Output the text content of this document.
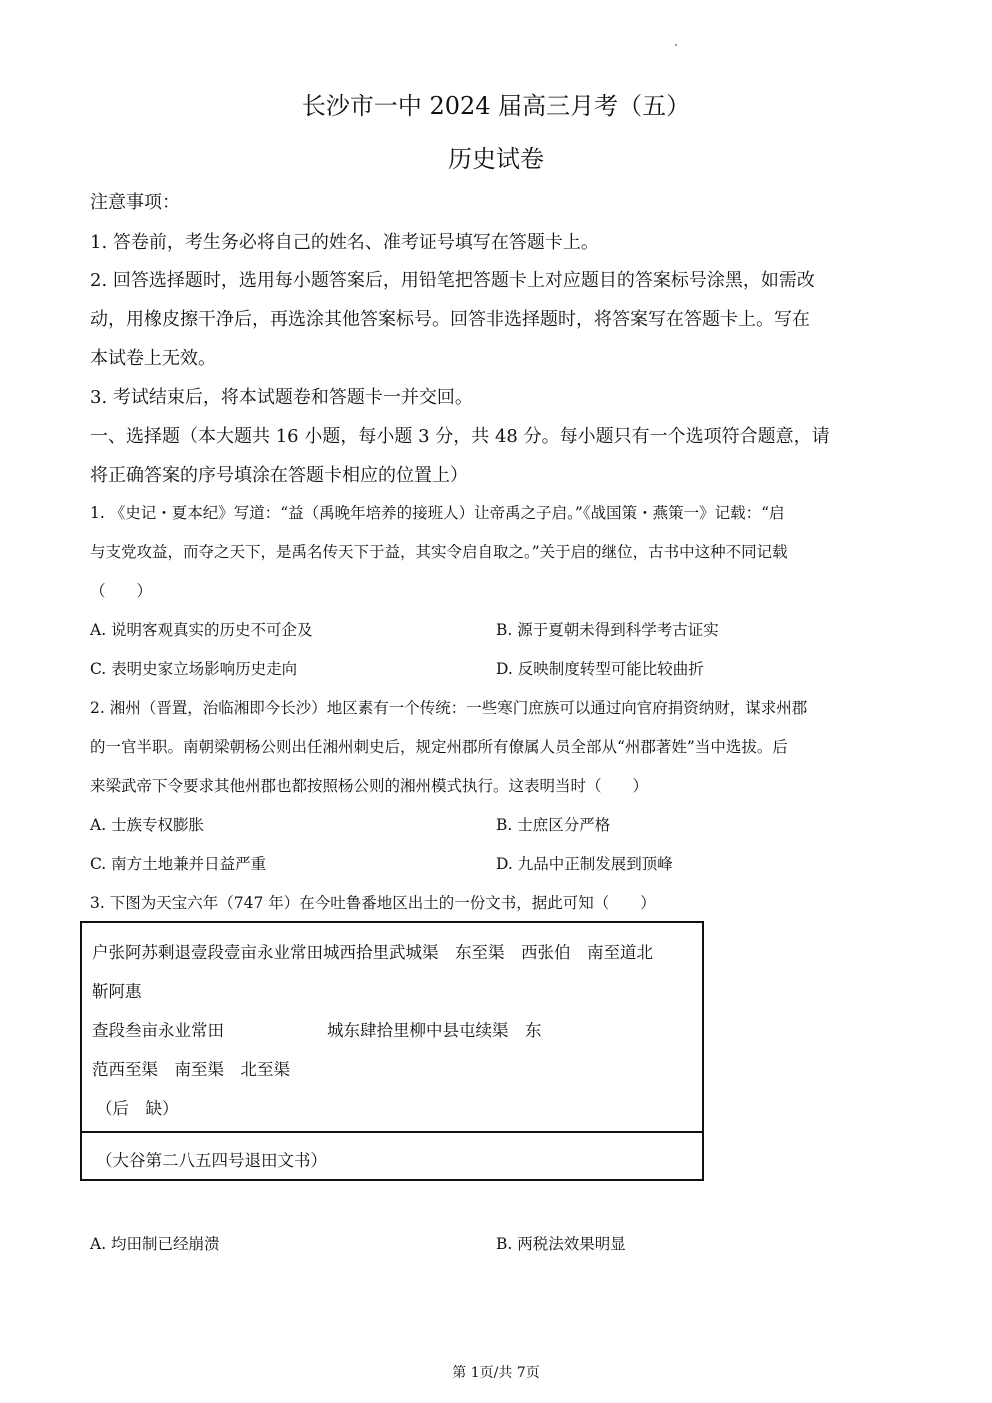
长沙市一中 2024 届高三月考（五）
历史试卷
注意事项：
1. 答卷前，考生务必将自己的姓名、准考证号填写在答题卡上。
2. 回答选择题时，选用每小题答案后，用铅笔把答题卡上对应题目的答案标号涂黑，如需改
动，用橡皮擦干净后，再选涂其他答案标号。回答非选择题时，将答案写在答题卡上。写在
本试卷上无效。
3. 考试结束后，将本试题卷和答题卡一并交回。
一、选择题（本大题共 16 小题，每小题 3 分，共 48 分。每小题只有一个选项符合题意，请
将正确答案的序号填涂在答题卡相应的位置上）
1. 《史记・夏本纪》写道：“益（禹晚年培养的接班人）让帝禹之子启。”《战国策・燕策一》记载：“启
与支党攻益，而夺之天下，是禹名传天下于益，其实令启自取之。”关于启的继位，古书中这种不同记载
（　　）
A. 说明客观真实的历史不可企及	B. 源于夏朝未得到科学考古证实
C. 表明史家立场影响历史走向	D. 反映制度转型可能比较曲折
2. 湘州（晋置，治临湘即今长沙）地区素有一个传统：一些寒门庶族可以通过向官府捐资纳财，谋求州郡
的一官半职。南朝梁朝杨公则出任湘州刺史后，规定州郡所有僚属人员全部从“州郡著姓”当中选拔。后
来梁武帝下令要求其他州郡也都按照杨公则的湘州模式执行。这表明当时（　　）
A. 士族专权膨胀	B. 士庶区分严格
C. 南方土地兼并日益严重	D. 九品中正制发展到顶峰
3. 下图为天宝六年（747 年）在今吐鲁番地区出土的一份文书，据此可知（　　）
户张阿苏剩退壹段壹亩永业常田城西拾里武城渠　东至渠　西张伯　南至道北
靳阿惠
查段叁亩永业常田	城东肆拾里柳中县屯续渠　东
范西至渠　南至渠　北至渠
（后　缺）
（大谷第二八五四号退田文书）
A. 均田制已经崩溃	B. 两税法效果明显
第 1页/共 7页
